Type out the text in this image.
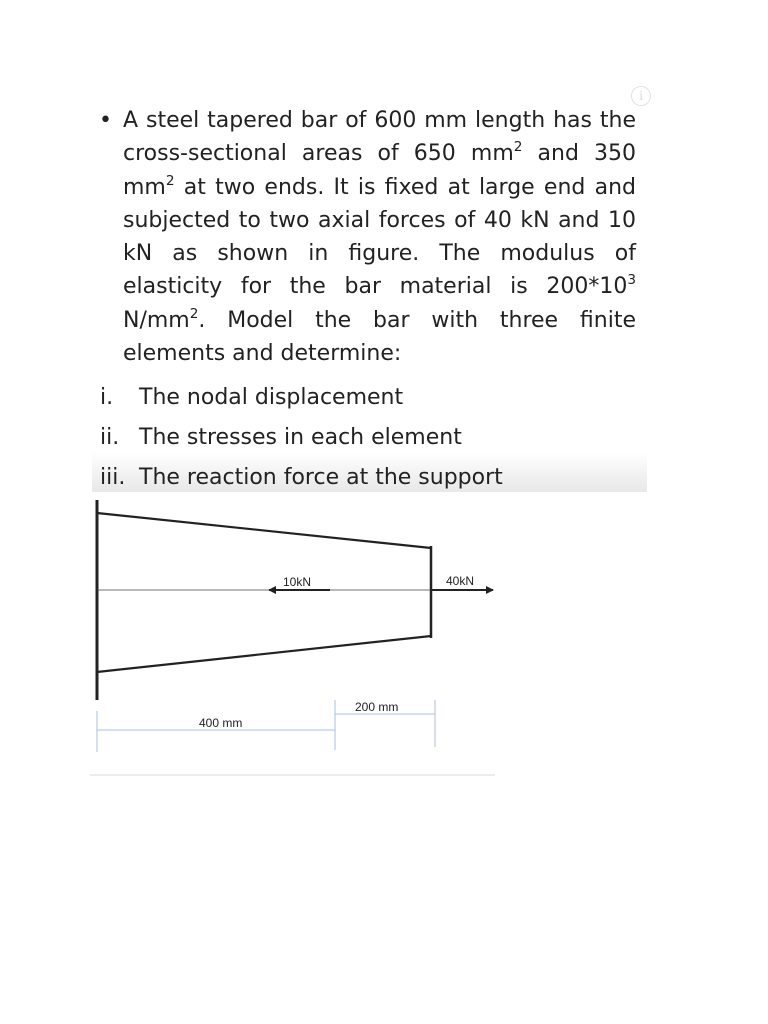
i
• A steel tapered bar of 600 mm length has the cross-sectional areas of 650 $mm^2$ and 350 $mm^2$ at two ends. It is fixed at large end and subjected to two axial forces of 40 kN and 10 kN as shown in figure. The modulus of elasticity for the bar material is $200*10^3$ $N/mm^2$. Model the bar with three finite elements and determine:

i.	The nodal displacement
ii. The stresses in each element
iii. The reaction force at the support
10kN	40kN
400 mm
200 mm
